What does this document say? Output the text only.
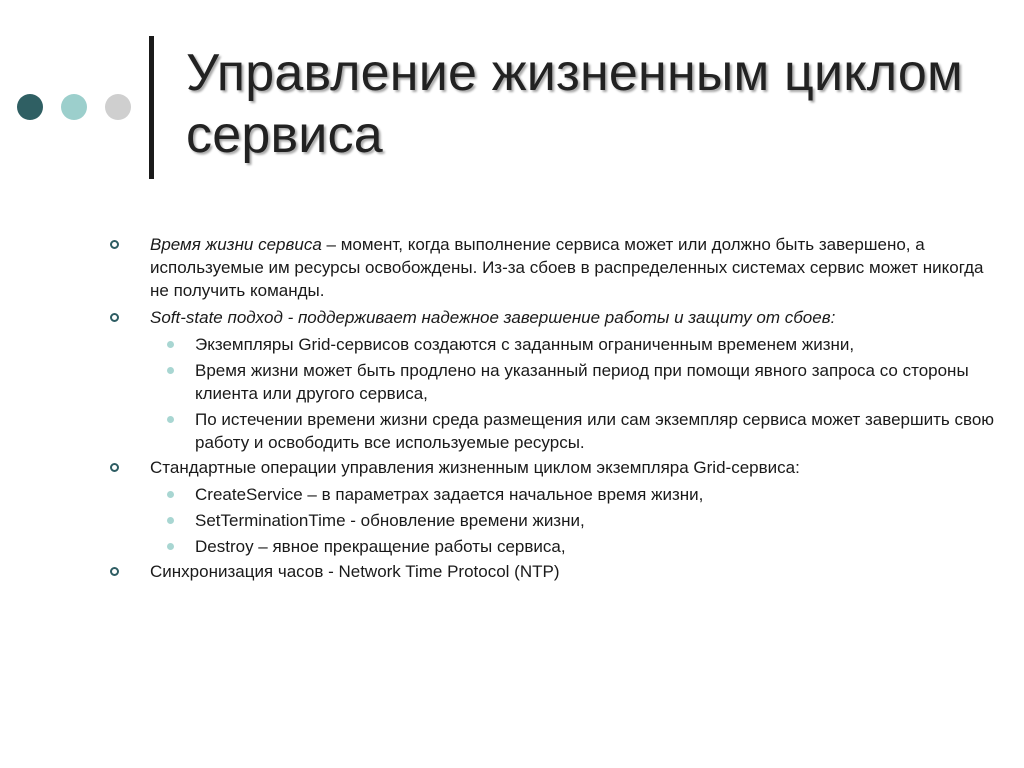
Управление жизненным циклом сервиса
Время жизни сервиса – момент, когда выполнение сервиса может или должно быть завершено, а используемые им ресурсы освобождены. Из-за сбоев в распределенных системах сервис может никогда не получить команды.
Soft-state подход - поддерживает надежное завершение работы и защиту от сбоев:
Экземпляры Grid-сервисов создаются с заданным ограниченным временем жизни,
Время жизни может быть продлено на указанный период при помощи явного запроса со стороны клиента или другого сервиса,
По истечении времени жизни среда размещения или сам экземпляр сервиса может завершить свою работу и освободить все используемые ресурсы.
Стандартные операции управления жизненным циклом экземпляра Grid-сервиса:
CreateService – в параметрах задается начальное время жизни,
SetTerminationTime - обновление времени жизни,
Destroy – явное прекращение работы сервиса,
Синхронизация часов - Network Time Protocol (NTP)
